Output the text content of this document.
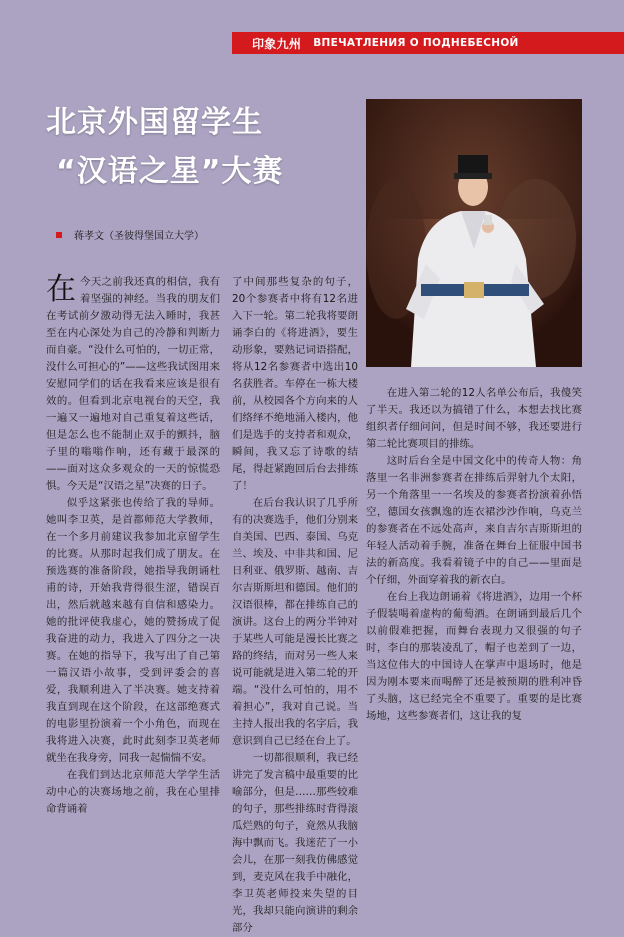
印象九州 ВПЕЧАТЛЕНИЯ О ПОДНЕБЕСНОЙ
北京外国留学生
“汉语之星”大赛
蒋孝文（圣彼得堡国立大学）

在今天之前我还真的相信，我有着坚强的神经。当我的朋友们在考试前夕激动得无法入睡时，我甚至在内心深处为自己的冷静和判断力而自豪。“没什么可怕的，一切正常，没什么可担心的”——这些我试图用来安慰同学们的话在我看来应该是很有效的。但看到北京电视台的天空，我一遍又一遍地对自己重复着这些话，但是怎么也不能制止双手的颤抖，脑子里的嗡嗡作响，还有藏于最深的——面对这众多观众的一天的惊慌恐惧。今天是“汉语之星”决赛的日子。

似乎这紧张也传给了我的导师。她叫李卫英，是首都师范大学教师，在一个多月前建议我参加北京留学生的比赛。从那时起我们成了朋友。在预选赛的准备阶段，她指导我朗诵杜甫的诗，开始我背得很生涩，错误百出，然后就越来越有自信和感染力。她的批评使我虚心，她的赞扬成了促我奋进的动力，我进入了四分之一决赛。在她的指导下，我写出了自己第一篇汉语小故事，受到评委会的喜爱，我顺利进入了半决赛。她支持着我直到现在这个阶段，在这部绝赛式的电影里扮演着一个小角色，而现在我将进入决赛，此时此刻李卫英老师就坐在我身旁，同我一起惴惴不安。

在我们到达北京师范大学学生活动中心的决赛场地之前，我在心里排命背诵着

了中间那些复杂的句子，20个参赛者中将有12名进入下一轮。第二轮我将要朗诵李白的《将进酒》，要生动形象，要熟记词语搭配，将从12名参赛者中选出10名获胜者。车停在一栋大楼前，从校园各个方向来的人们络绎不绝地涌入楼内，他们是选手的支持者和观众，瞬间，我又忘了诗歌的结尾，得赶紧跑回后台去排练了！

在后台我认识了几乎所有的决赛选手，他们分别来自美国、巴西、泰国、乌克兰、埃及、中非共和国、尼日利亚、俄罗斯、越南、吉尔吉斯斯坦和德国。他们的汉语很棒，都在排练自己的演讲。这台上的两分半钟对于某些人可能是漫长比赛之路的终结，而对另一些人来说可能就是进入第二轮的开端。“没什么可怕的，用不着担心”，我对自己说。当主持人报出我的名字后，我意识到自己已经在台上了。

一切都很顺利，我已经讲完了发言稿中最重要的比喻部分，但是……那些较难的句子，那些排练时背得滚瓜烂熟的句子，竟然从我脑海中飘而飞。我迷茫了一小会儿，在那一刻我仿佛感觉到，麦克风在我手中融化，李卫英老师投来失望的目光，我却只能向演讲的剩余部分

在进入第二轮的12人名单公布后，我傻笑了半天。我还以为搞错了什么，本想去找比赛组织者仔细问问，但是时间不够，我还要进行第二轮比赛项目的排练。

这时后台全是中国文化中的传奇人物：角落里一名非洲参赛者在排练后羿射九个太阳，另一个角落里一一名埃及的参赛者扮演着孙悟空，德国女孩飘逸的连衣裙沙沙作响，乌克兰的参赛者在不远处高声，来自吉尔吉斯斯坦的年轻人活动着手腕，准备在舞台上征服中国书法的新高度。我看着镜子中的自己——里面是个仔细，外面穿着我的新衣白。

在台上我边朗诵着《将进酒》，边用一个杯子假装喝着虚构的葡萄酒。在朗诵到最后几个以前假难把握，而舞台表现力又很强的句子时，李白的那装凌乱了，帽子也差到了一边，当这位伟大的中国诗人在掌声中退场时，他是因为刚本要来而喝醉了还是被预期的胜利冲昏了头脑，这已经完全不重要了。重要的是比赛场地，这些参赛者们，这让我的复
